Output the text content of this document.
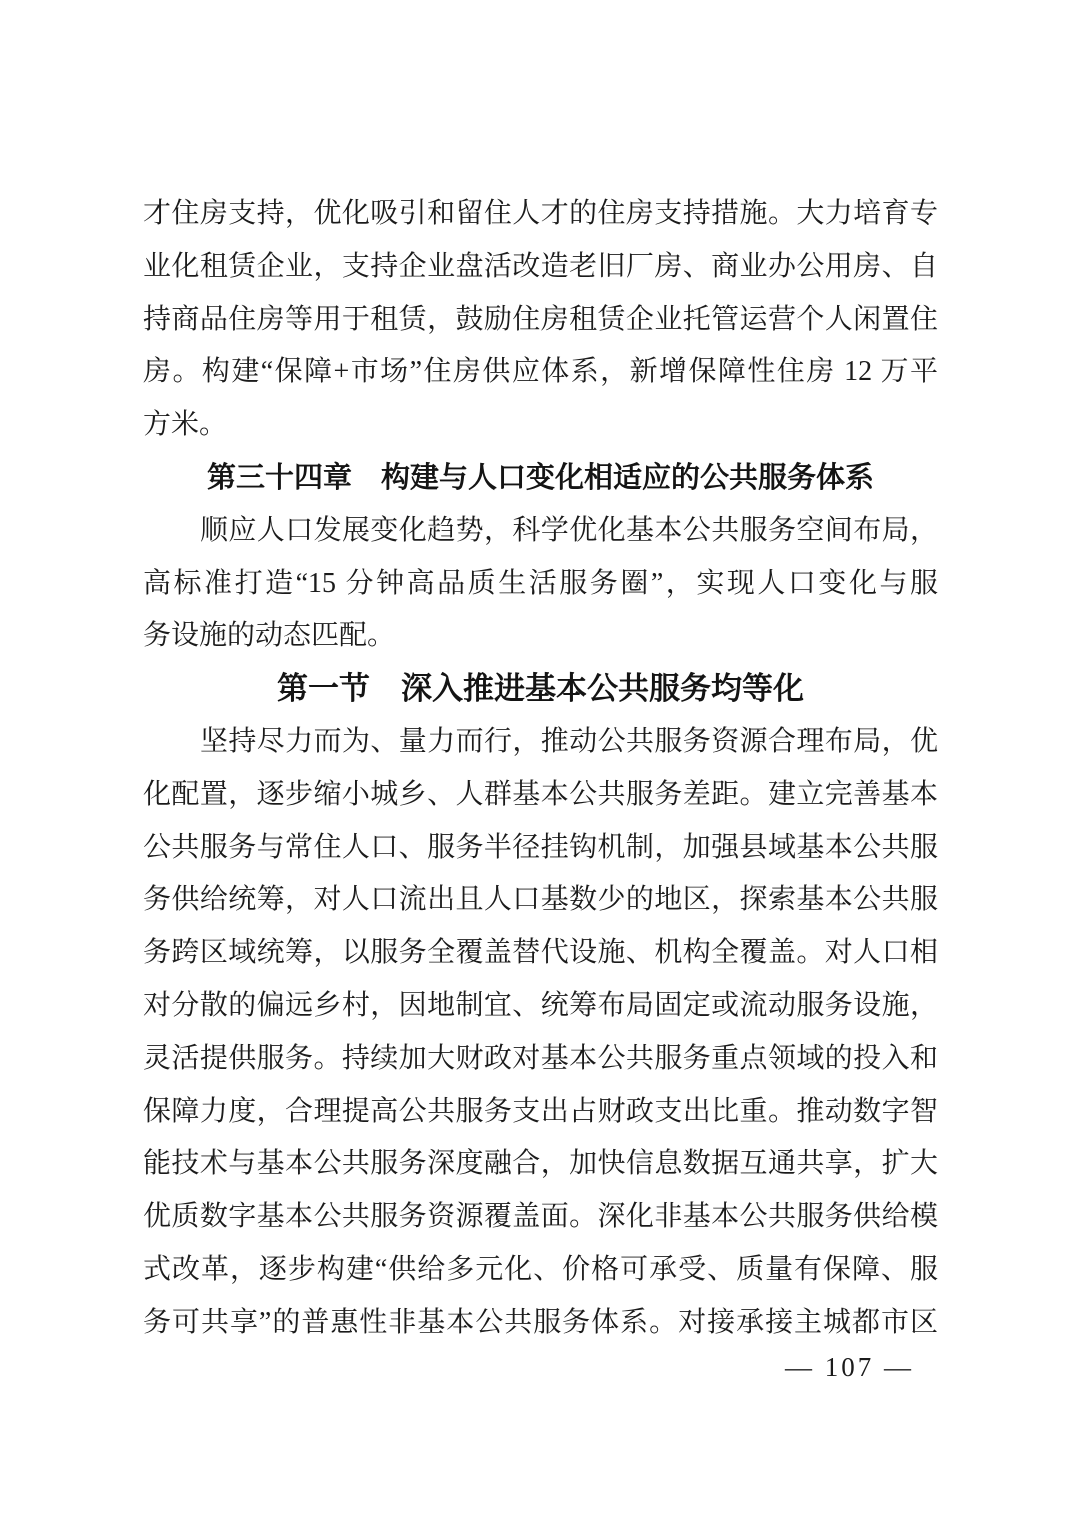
才住房支持，优化吸引和留住人才的住房支持措施。大力培育专
业化租赁企业，支持企业盘活改造老旧厂房、商业办公用房、自
持商品住房等用于租赁，鼓励住房租赁企业托管运营个人闲置住
房。构建“保障+市场”住房供应体系，新增保障性住房 12 万平
方米。
第三十四章　构建与人口变化相适应的公共服务体系
顺应人口发展变化趋势，科学优化基本公共服务空间布局，
高标准打造“15 分钟高品质生活服务圈”，实现人口变化与服
务设施的动态匹配。
第一节　深入推进基本公共服务均等化
坚持尽力而为、量力而行，推动公共服务资源合理布局，优
化配置，逐步缩小城乡、人群基本公共服务差距。建立完善基本
公共服务与常住人口、服务半径挂钩机制，加强县域基本公共服
务供给统筹，对人口流出且人口基数少的地区，探索基本公共服
务跨区域统筹，以服务全覆盖替代设施、机构全覆盖。对人口相
对分散的偏远乡村，因地制宜、统筹布局固定或流动服务设施，
灵活提供服务。持续加大财政对基本公共服务重点领域的投入和
保障力度，合理提高公共服务支出占财政支出比重。推动数字智
能技术与基本公共服务深度融合，加快信息数据互通共享，扩大
优质数字基本公共服务资源覆盖面。深化非基本公共服务供给模
式改革，逐步构建“供给多元化、价格可承受、质量有保障、服
务可共享”的普惠性非基本公共服务体系。对接承接主城都市区
— 107 —
